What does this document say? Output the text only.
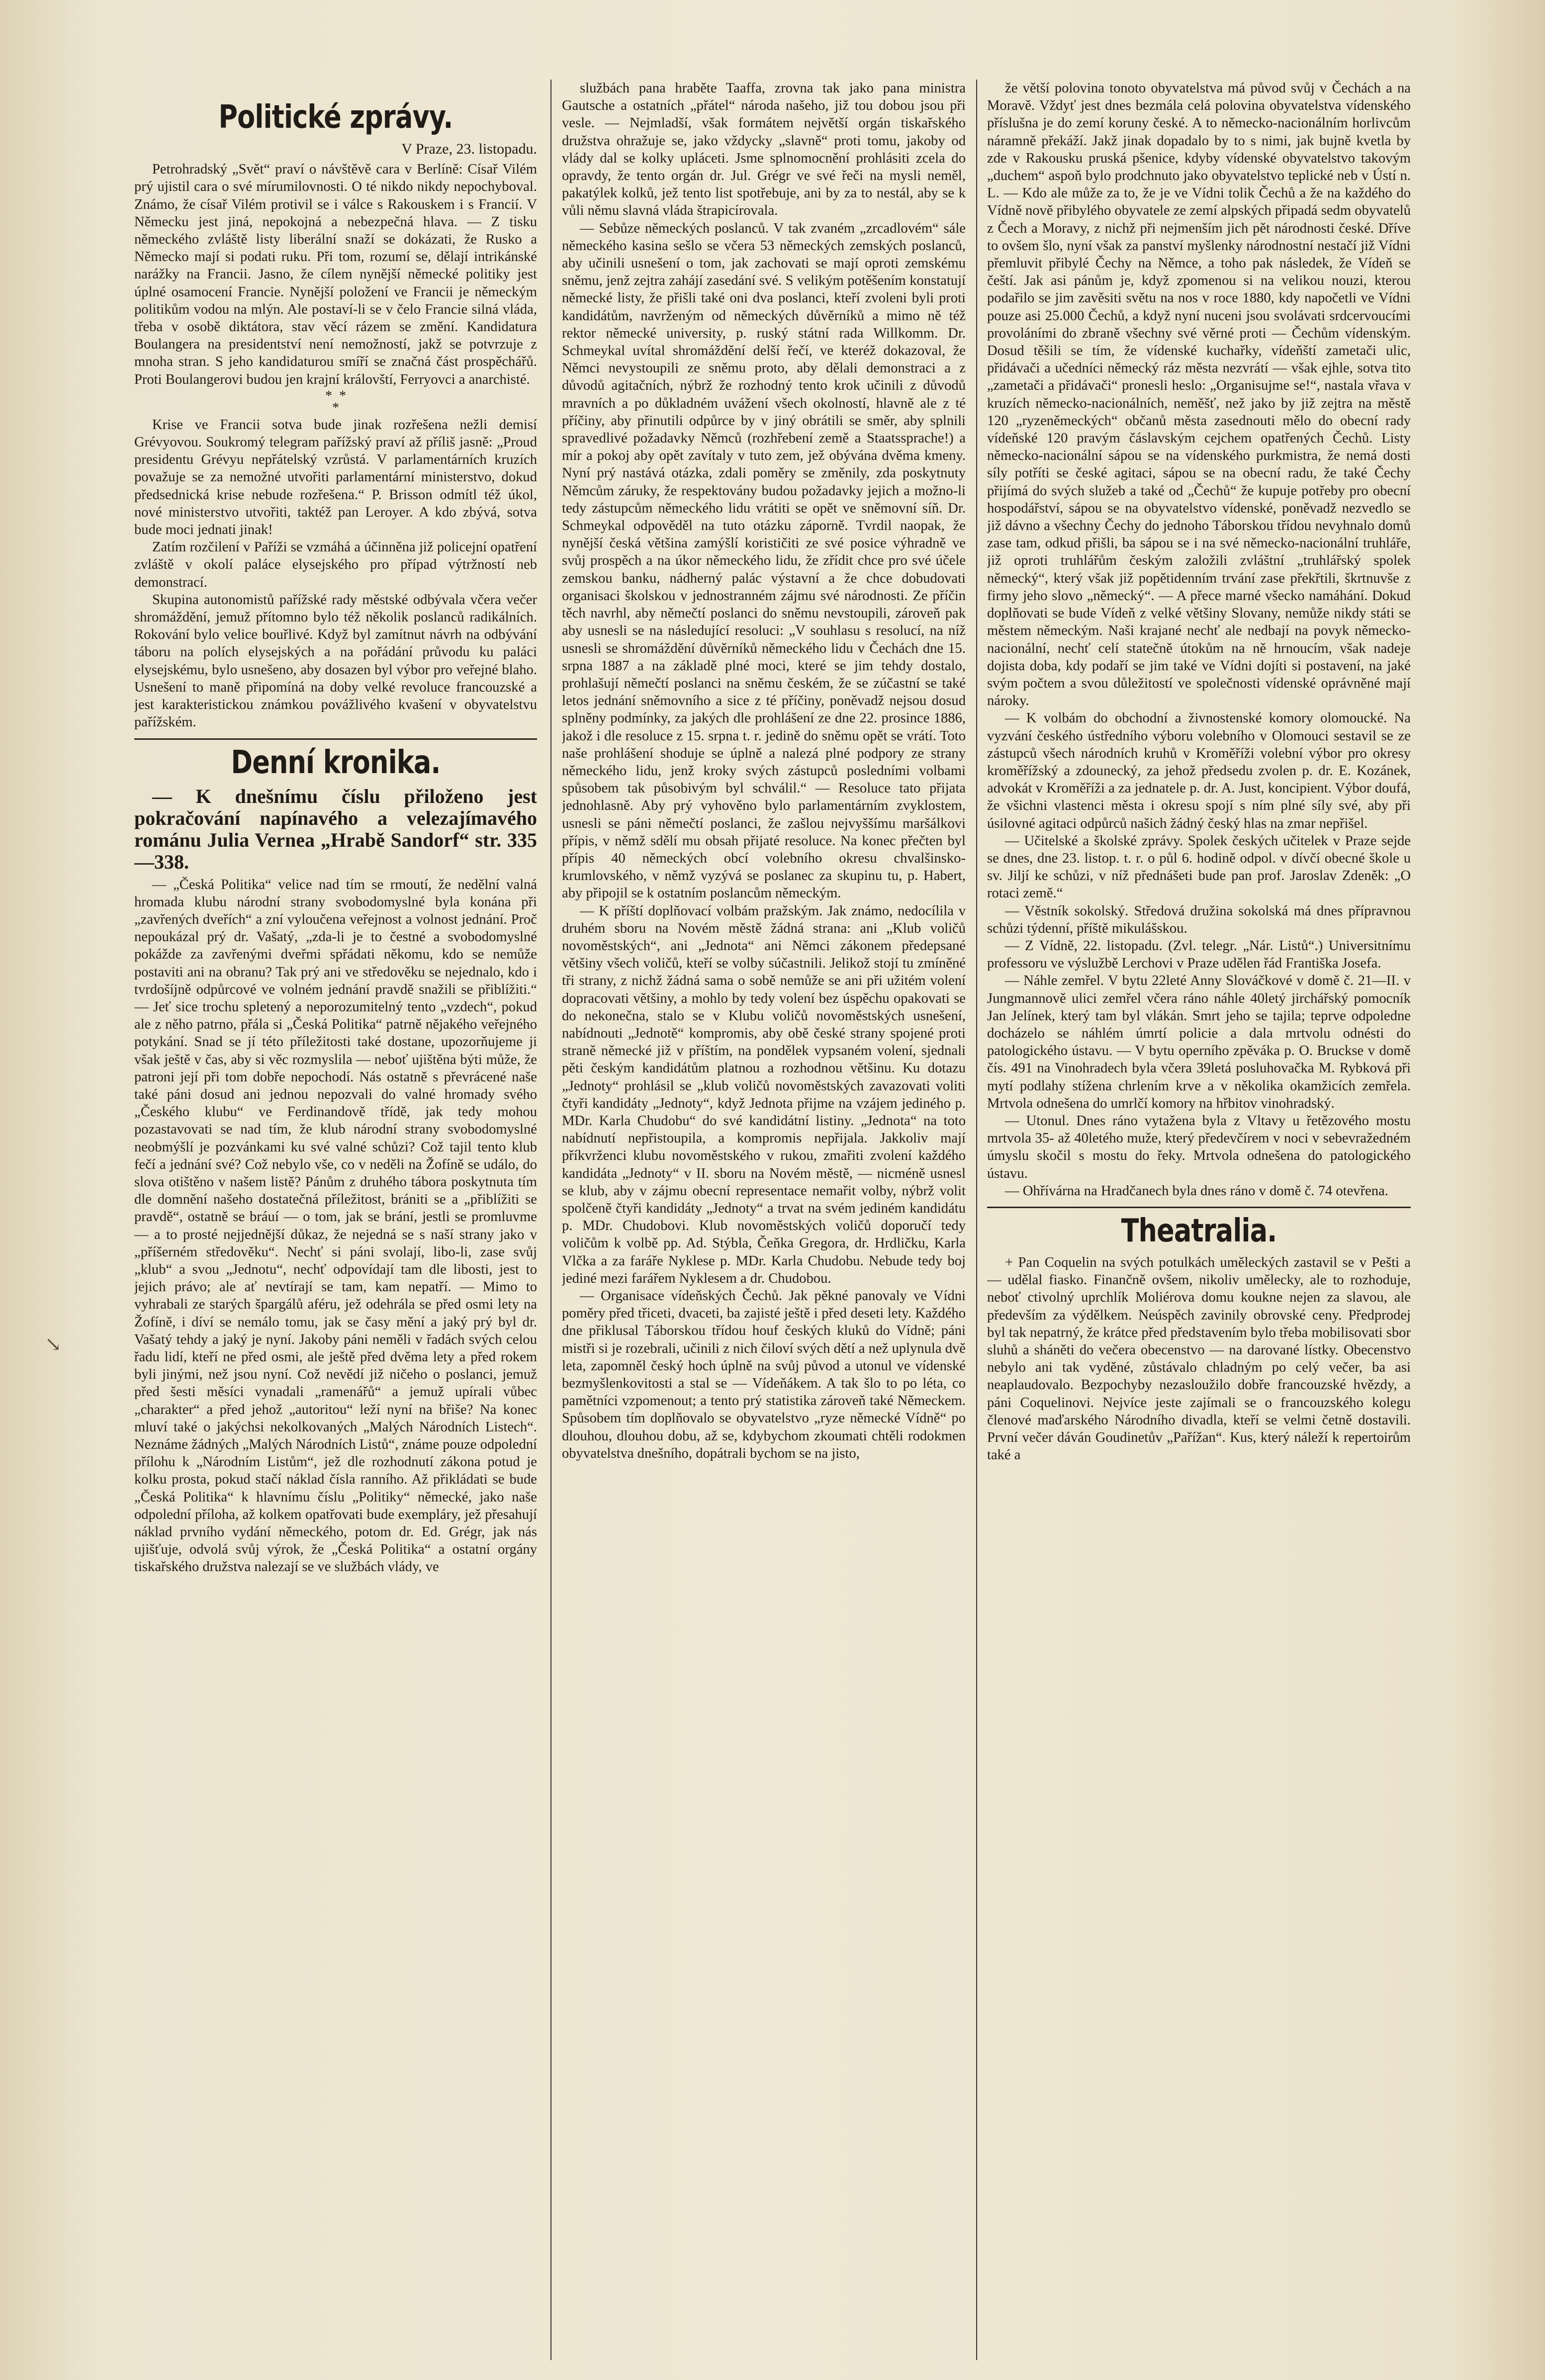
↘
Politické zprávy.
V Praze, 23. listopadu.

Petrohradský „Svět“ praví o návštěvě cara v Berlíně: Císař Vilém prý ujistil cara o své mírumilovnosti. O té nikdo nikdy nepochyboval. Známo, že císař Vilém protivil se i válce s Rakouskem i s Francií. V Německu jest jiná, nepokojná a nebezpečná hlava. — Z tisku německého zvláště listy liberální snaží se dokázati, že Rusko a Německo mají si podati ruku. Při tom, rozumí se, dělají intrikánské narážky na Francii. Jasno, že cílem nynější německé politiky jest úplné osamocení Francie. Nynější položení ve Francii je německým politikům vodou na mlýn. Ale postaví-li se v čelo Francie silná vláda, třeba v osobě diktátora, stav věcí rázem se změní. Kandidatura Boulangera na presidentství není nemožností, jakž se potvrzuje z mnoha stran. S jeho kandidaturou smíří se značná část prospěchářů. Proti Boulangerovi budou jen krajní královští, Ferryovci a anarchisté.

*  *
*

Krise ve Francii sotva bude jinak rozřešena nežli demisí Grévyovou. Soukromý telegram pařížský praví až příliš jasně: „Proud presidentu Grévyu nepřátelský vzrůstá. V parlamentárních kruzích považuje se za nemožné utvořiti parlamentární ministerstvo, dokud předsednická krise nebude rozřešena.“ P. Brisson odmítl též úkol, nové ministerstvo utvořiti, taktéž pan Leroyer. A kdo zbývá, sotva bude moci jednati jinak!

Zatím rozčilení v Paříži se vzmáhá a účinněna již policejní opatření zvláště v okolí paláce elysejského pro případ výtržností neb demonstrací.

Skupina autonomistů pařížské rady městské odbývala včera večer shromáždění, jemuž přítomno bylo též několik poslanců radikálních. Rokování bylo velice bouřlivé. Když byl zamítnut návrh na odbývání táboru na polích elysejských a na pořádání průvodu ku paláci elysejskému, bylo usnešeno, aby dosazen byl výbor pro veřejné blaho. Usnešení to maně připomíná na doby velké revoluce francouzské a jest karakteristickou známkou povážlivého kvašení v obyvatelstvu pařížském.

Denní kronika.
— K dnešnímu číslu přiloženo jest pokračování napínavého a velezajímavého románu Julia Vernea „Hrabě Sandorf“ str. 335—338.

— „Česká Politika“ velice nad tím se rmoutí, že nedělní valná hromada klubu národní strany svobodomyslné byla konána při „zavřených dveřích“ a zní vyloučena veřejnost a volnost jednání. Proč nepoukázal prý dr. Vašatý, „zda-li je to čestné a svobodomyslné pokážde za zavřenými dveřmi spřádati někomu, kdo se nemůže postaviti ani na obranu? Tak prý ani ve středověku se nejednalo, kdo i tvrdošíjně odpůrcové ve volném jednání pravdě snažili se přiblížiti.“ — Jeť sice trochu spletený a neporozumitelný tento „vzdech“, pokud ale z něho patrno, přála si „Česká Politika“ patrně nějakého veřejného potykání. Snad se jí této příležitosti také dostane, upozorňujeme ji však ještě v čas, aby si věc rozmyslila — neboť ujištěna býti může, že patroni její při tom dobře nepochodí. Nás ostatně s převrácené naše také páni dosud ani jednou nepozvali do valné hromady svého „Českého klubu“ ve Ferdinandově třídě, jak tedy mohou pozastavovati se nad tím, že klub národní strany svobodomyslné neobmýšlí je pozvánkami ku své valné schůzi? Což tajil tento klub fečí a jednání své? Což nebylo vše, co v neděli na Žofíně se událo, do slova otištěno v našem listě? Pánům z druhého tábora poskytnuta tím dle domnění našeho dostatečná příležitost, brániti se a „přiblížiti se pravdě“, ostatně se bráuí — o tom, jak se brání, jestli se promluvme — a to prosté nejjednější důkaz, že nejedná se s naší strany jako v „příšerném středověku“. Nechť si páni svolají, libo-li, zase svůj „klub“ a svou „Jednotu“, nechť odpovídají tam dle libosti, jest to jejich právo; ale ať nevtírají se tam, kam nepatří. — Mimo to vyhrabali ze starých špargálů aféru, jež odehrála se před osmi lety na Žofíně, i díví se nemálo tomu, jak se časy mění a jaký prý byl dr. Vašatý tehdy a jaký je nyní. Jakoby páni neměli v řadách svých celou řadu lidí, kteří ne před osmi, ale ještě před dvěma lety a před rokem byli jinými, než jsou nyní. Což nevědí již ničeho o poslanci, jemuž před šesti měsíci vynadali „ramenářů“ a jemuž upírali vůbec „charakter“ a před jehož „autoritou“ leží nyní na břiše? Na konec mluví také o jakýchsi nekolkovaných „Malých Národních Listech“. Neznáme žádných „Malých Národních Listů“, známe pouze odpolední přílohu k „Národním Listům“, jež dle rozhodnutí zákona potud je kolku prosta, pokud stačí náklad čísla ranního. Až přikládati se bude „Česká Politika“ k hlavnímu číslu „Politiky“ německé, jako naše odpolední příloha, až kolkem opatřovati bude exempláry, jež přesahují náklad prvního vydání německého, potom dr. Ed. Grégr, jak nás ujišťuje, odvolá svůj výrok, že „Česká Politika“ a ostatní orgány tiskařského družstva nalezají se ve službách vlády, ve

službách pana hraběte Taaffa, zrovna tak jako pana ministra Gautsche a ostatních „přátel“ národa našeho, již tou dobou jsou při vesle. — Nejmladší, však formátem největší orgán tiskařského družstva ohražuje se, jako vždycky „slavně“ proti tomu, jakoby od vlády dal se kolky upláceti. Jsme splnomocnění prohlásiti zcela do opravdy, že tento orgán dr. Jul. Grégr ve své řeči na mysli neměl, pakatýlek kolků, jež tento list spotřebuje, ani by za to nestál, aby se k vůli němu slavná vláda štrapicírovala.

— Sebůze německých poslanců. V tak zvaném „zrcadlovém“ sále německého kasina sešlo se včera 53 německých zemských poslanců, aby učinili usnešení o tom, jak zachovati se mají oproti zemskému sněmu, jenž zejtra zahájí zasedání své. S velikým potěšením konstatují německé listy, že přišli také oni dva poslanci, kteří zvoleni byli proti kandidátům, navrženým od německých důvěrníků a mimo ně též rektor německé university, p. ruský státní rada Willkomm. Dr. Schmeykal uvítal shromáždění delší řečí, ve kteréž dokazoval, že Němci nevystoupili ze sněmu proto, aby dělali demonstraci a z důvodů agitačních, nýbrž že rozhodný tento krok učinili z důvodů mravních a po důkladném uvážení všech okolností, hlavně ale z té příčiny, aby přinutili odpůrce by v jiný obrátili se směr, aby splnili spravedlivé požadavky Němců (rozhřebení země a Staatssprache!) a mír a pokoj aby opět zavítaly v tuto zem, jež obývána dvěma kmeny. Nyní prý nastává otázka, zdali poměry se změnily, zda poskytnuty Němcům záruky, že respektovány budou požadavky jejich a možno-li tedy zástupcům německého lidu vrátiti se opět ve sněmovní síň. Dr. Schmeykal odpověděl na tuto otázku záporně. Tvrdil naopak, že nynější česká většina zamýšlí korističiti ze své posice výhradně ve svůj prospěch a na úkor německého lidu, že zřídit chce pro své účele zemskou banku, nádherný palác výstavní a že chce dobudovati organisaci školskou v jednostranném zájmu své národnosti. Ze příčin těch navrhl, aby němečtí poslanci do sněmu nevstoupili, zároveň pak aby usnesli se na následující resoluci: „V souhlasu s resolucí, na níž usnesli se shromáždění důvěrníků německého lidu v Čechách dne 15. srpna 1887 a na základě plné moci, které se jim tehdy dostalo, prohlašují němečtí poslanci na sněmu českém, že se zúčastní se také letos jednání sněmovního a sice z té příčiny, poněvadž nejsou dosud splněny podmínky, za jakých dle prohlášení ze dne 22. prosince 1886, jakož i dle resoluce z 15. srpna t. r. jedině do sněmu opět se vrátí. Toto naše prohlášení shoduje se úplně a nalezá plné podpory ze strany německého lidu, jenž kroky svých zástupců posledními volbami spůsobem tak působivým byl schválil.“ — Resoluce tato přijata jednohlasně. Aby prý vyhověno bylo parlamentárním zvyklostem, usnesli se páni němečtí poslanci, že zašlou nejvyššímu maršálkovi přípis, v němž sdělí mu obsah přijaté resoluce. Na konec přečten byl přípis 40 německých obcí volebního okresu chvalšinsko-krumlovského, v němž vyzývá se poslanec za skupinu tu, p. Habert, aby připojil se k ostatním poslancům německým.

— K příští doplňovací volbám pražským. Jak známo, nedocílila v druhém sboru na Novém městě žádná strana: ani „Klub voličů novoměstských“, ani „Jednota“ ani Němci zákonem předepsané většiny všech voličů, kteří se volby súčastnili. Jelikož stojí tu zmíněné tři strany, z nichž žádná sama o sobě nemůže se ani při užitém volení dopracovati většiny, a mohlo by tedy volení bez úspěchu opakovati se do nekonečna, stalo se v Klubu voličů novoměstských usnešení, nabídnouti „Jednotě“ kompromis, aby obě české strany spojené proti straně německé již v příštím, na pondělek vypsaném volení, sjednali pěti českým kandidátům platnou a rozhodnou většinu. Ku dotazu „Jednoty“ prohlásil se „klub voličů novoměstských zavazovati voliti čtyři kandidáty „Jednoty“, když Jednota přijme na vzájem jediného p. MDr. Karla Chudobu“ do své kandidátní listiny. „Jednota“ na toto nabídnutí nepřistoupila, a kompromis nepřijala. Jakkoliv mají příkvrženci klubu novoměstského v rukou, zmařiti zvolení každého kandidáta „Jednoty“ v II. sboru na Novém městě, — nicméně usnesl se klub, aby v zájmu obecní representace nemařit volby, nýbrž volit spolčeně čtyři kandidáty „Jednoty“ a trvat na svém jediném kandidátu p. MDr. Chudobovi. Klub novoměstských voličů doporučí tedy voličům k volbě pp. Ad. Stýbla, Čeňka Gregora, dr. Hrdličku, Karla Vlčka a za faráře Nyklese p. MDr. Karla Chudobu. Nebude tedy boj jediné mezi farářem Nyklesem a dr. Chudobou.

— Organisace vídeňských Čechů. Jak pěkné panovaly ve Vídni poměry před třiceti, dvaceti, ba zajisté ještě i před deseti lety. Každého dne přiklusal Táborskou třídou houf českých kluků do Vídně; páni mistři si je rozebrali, učinili z nich čiloví svých dětí a než uplynula dvě leta, zapomněl český hoch úplně na svůj původ a utonul ve vídenské bezmyšlenkovitosti a stal se — Vídeňákem. A tak šlo to po léta, co pamětníci vzpomenout; a tento prý statistika zároveň také Německem. Spůsobem tím doplňovalo se obyvatelstvo „ryze německé Vídně“ po dlouhou, dlouhou dobu, až se, kdybychom zkoumati chtěli rodokmen obyvatelstva dnešního, dopátrali bychom se na jisto,

že větší polovina tonoto obyvatelstva má původ svůj v Čechách a na Moravě. Vždyť jest dnes bezmála celá polovina obyvatelstva vídenského příslušna je do zemí koruny české. A to německo-nacionálním horlivcům náramně překáží. Jakž jinak dopadalo by to s nimi, jak bujně kvetla by zde v Rakousku pruská pšenice, kdyby vídenské obyvatelstvo takovým „duchem“ aspoň bylo prodchnuto jako obyvatelstvo teplické neb v Ústí n. L. — Kdo ale může za to, že je ve Vídni tolik Čechů a že na každého do Vídně nově přibylého obyvatele ze zemí alpských připadá sedm obyvatelů z Čech a Moravy, z nichž při nejmenším jich pět národnosti české. Dříve to ovšem šlo, nyní však za panství myšlenky národnostní nestačí již Vídni přemluvit přibylé Čechy na Němce, a toho pak následek, že Vídeň se čeští. Jak asi pánům je, když zpomenou si na velikou nouzi, kterou podařilo se jim zavěsiti světu na nos v roce 1880, kdy napočetli ve Vídni pouze asi 25.000 Čechů, a když nyní nuceni jsou svolávati srdcervoucími provoláními do zbraně všechny své věrné proti — Čechům vídenským. Dosud těšili se tím, že vídenské kuchařky, vídeňští zametači ulic, přidávači a učedníci německý ráz města nezvrátí — však ejhle, sotva tito „zametači a přidávači“ pronesli heslo: „Organisujme se!“, nastala vřava v kruzích německo-nacionálních, neměšť, než jako by již zejtra na městě 120 „ryzeněmeckých“ občanů města zasednouti mělo do obecní rady vídeňské 120 pravým čáslavským cejchem opatřených Čechů. Listy německo-nacionální sápou se na vídenského purkmistra, že nemá dosti síly potříti se české agitaci, sápou se na obecní radu, že také Čechy přijímá do svých služeb a také od „Čechů“ že kupuje potřeby pro obecní hospodářství, sápou se na obyvatelstvo vídenské, poněvadž nezvedlo se již dávno a všechny Čechy do jednoho Táborskou třídou nevyhnalo domů zase tam, odkud přišli, ba sápou se i na své německo-nacionální truhláře, již oproti truhlářům českým založili zvláštní „truhlářský spolek německý“, který však již popětidenním trvání zase překřtili, škrtnuvše z firmy jeho slovo „německý“. — A přece marné všecko namáhání. Dokud doplňovati se bude Vídeň z velké většiny Slovany, nemůže nikdy státi se městem německým. Naši krajané nechť ale nedbají na povyk německo-nacionální, nechť celí statečně útokům na ně hrnoucím, však nadeje dojista doba, kdy podaří se jim také ve Vídni dojíti si postavení, na jaké svým počtem a svou důležitostí ve společnosti vídenské oprávněné mají nároky.

— K volbám do obchodní a živnostenské komory olomoucké. Na vyzvání českého ústředního výboru volebního v Olomouci sestavil se ze zástupců všech národních kruhů v Kroměříži volební výbor pro okresy kroměřížský a zdounecký, za jehož předsedu zvolen p. dr. E. Kozánek, advokát v Kroměříži a za jednatele p. dr. A. Just, koncipient. Výbor doufá, že všichni vlastenci města i okresu spojí s ním plné síly své, aby při úsilovné agitaci odpůrců našich žádný český hlas na zmar nepřišel.

— Učitelské a školské zprávy. Spolek českých učitelek v Praze sejde se dnes, dne 23. listop. t. r. o půl 6. hodině odpol. v dívčí obecné škole u sv. Jiljí ke schůzi, v níž přednášeti bude pan prof. Jaroslav Zdeněk: „O rotaci země.“

— Věstník sokolský. Středová družina sokolská má dnes přípravnou schůzi týdenní, příště mikulášskou.

— Z Vídně, 22. listopadu. (Zvl. telegr. „Nár. Listů“.) Universitnímu professoru ve výslužbě Lerchovi v Praze udělen řád Františka Josefa.

— Náhle zemřel. V bytu 22leté Anny Slováčkové v domě č. 21—II. v Jungmannově ulici zemřel včera ráno náhle 40letý jirchářský pomocník Jan Jelínek, který tam byl vlákán. Smrt jeho se tajila; teprve odpoledne docházelo se náhlém úmrtí policie a dala mrtvolu odnésti do patologického ústavu. — V bytu operního zpěváka p. O. Bruckse v domě čís. 491 na Vinohradech byla včera 39letá posluhovačka M. Rybková při mytí podlahy stížena chrlením krve a v několika okamžicích zemřela. Mrtvola odnešena do umrlčí komory na hřbitov vinohradský.

— Utonul. Dnes ráno vytažena byla z Vltavy u řetězového mostu mrtvola 35- až 40letého muže, který předevčírem v noci v sebevražedném úmyslu skočil s mostu do řeky. Mrtvola odnešena do patologického ústavu.

— Ohřívárna na Hradčanech byla dnes ráno v domě č. 74 otevřena.

Theatralia.

+ Pan Coquelin na svých potulkách uměleckých zastavil se v Pešti a — udělal fiasko. Finančně ovšem, nikoliv umělecky, ale to rozhoduje, neboť ctivolný uprchlík Moliérova domu koukne nejen za slavou, ale především za výdělkem. Neúspěch zavinily obrovské ceny. Předprodej byl tak nepatrný, že krátce před představením bylo třeba mobilisovati sbor sluhů a sháněti do večera obecenstvo — na darované lístky. Obecenstvo nebylo ani tak vyděné, zůstávalo chladným po celý večer, ba asi neaplaudovalo. Bezpochyby nezasloužilo dobře francouzské hvězdy, a páni Coquelinovi. Nejvíce jeste zajímali se o francouzského kolegu členové maďarského Národního divadla, kteří se velmi četně dostavili. První večer dáván Goudinetův „Pařížan“. Kus, který náleží k repertoirům také a
